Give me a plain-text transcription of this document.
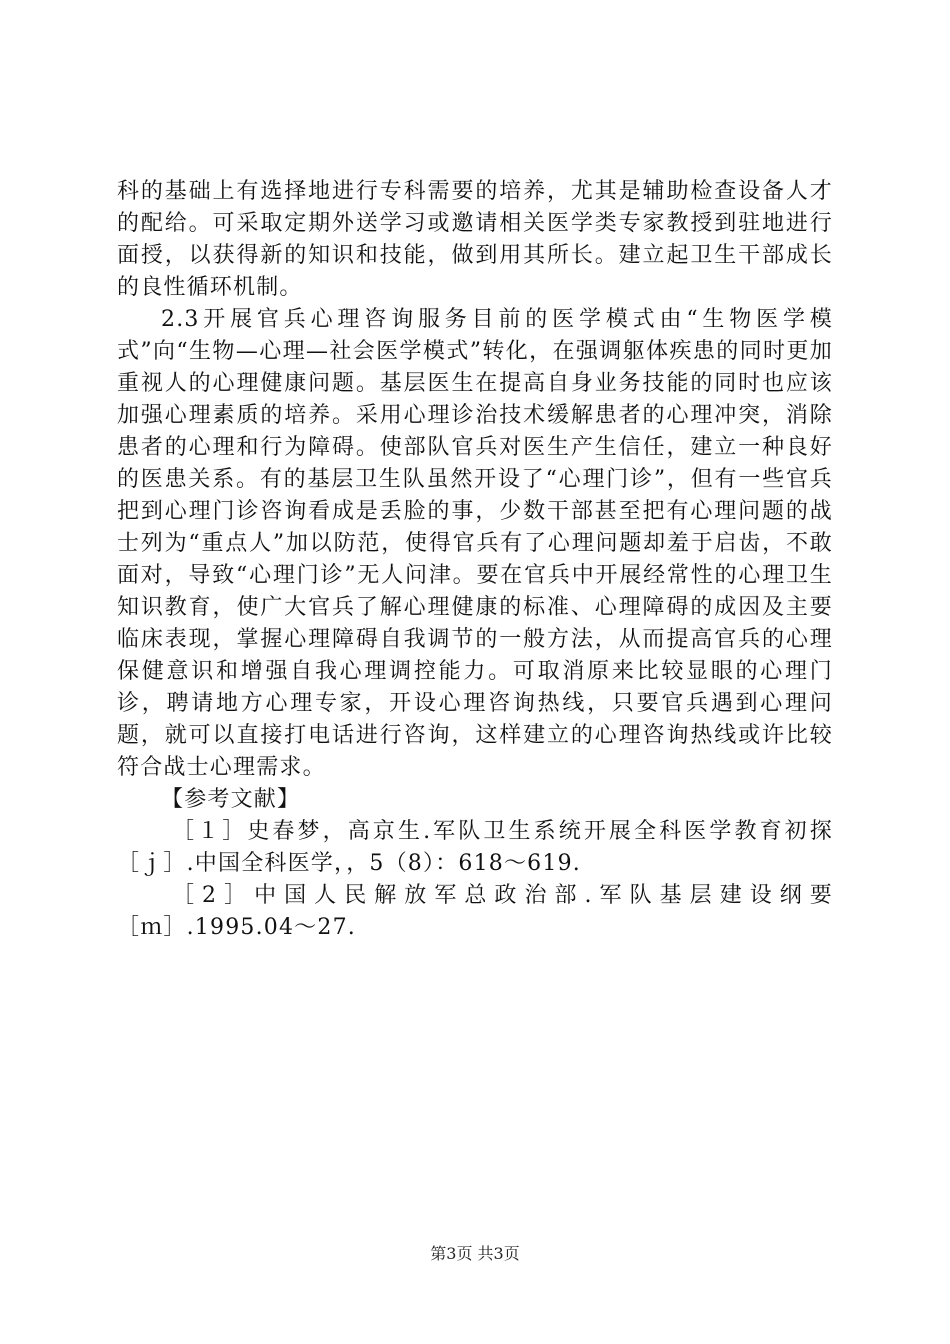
科的基础上有选择地进行专科需要的培养，尤其是辅助检查设备人才的配给。可采取定期外送学习或邀请相关医学类专家教授到驻地进行面授，以获得新的知识和技能，做到用其所长。建立起卫生干部成长的良性循环机制。

2.3开展官兵心理咨询服务目前的医学模式由“生物医学模式”向“生物—心理—社会医学模式”转化，在强调躯体疾患的同时更加重视人的心理健康问题。基层医生在提高自身业务技能的同时也应该加强心理素质的培养。采用心理诊治技术缓解患者的心理冲突，消除患者的心理和行为障碍。使部队官兵对医生产生信任，建立一种良好的医患关系。有的基层卫生队虽然开设了“心理门诊”，但有一些官兵把到心理门诊咨询看成是丢脸的事，少数干部甚至把有心理问题的战士列为“重点人”加以防范，使得官兵有了心理问题却羞于启齿，不敢面对，导致“心理门诊”无人问津。要在官兵中开展经常性的心理卫生知识教育，使广大官兵了解心理健康的标准、心理障碍的成因及主要临床表现，掌握心理障碍自我调节的一般方法，从而提高官兵的心理保健意识和增强自我心理调控能力。可取消原来比较显眼的心理门诊，聘请地方心理专家，开设心理咨询热线，只要官兵遇到心理问题，就可以直接打电话进行咨询，这样建立的心理咨询热线或许比较符合战士心理需求。

【参考文献】

［１］史春梦，高京生.军队卫生系统开展全科医学教育初探［ｊ］.中国全科医学，，5（8）：618～619.

［2］中国人民解放军总政治部.军队基层建设纲要［ｍ］.1995.04～27.

第3页 共3页
